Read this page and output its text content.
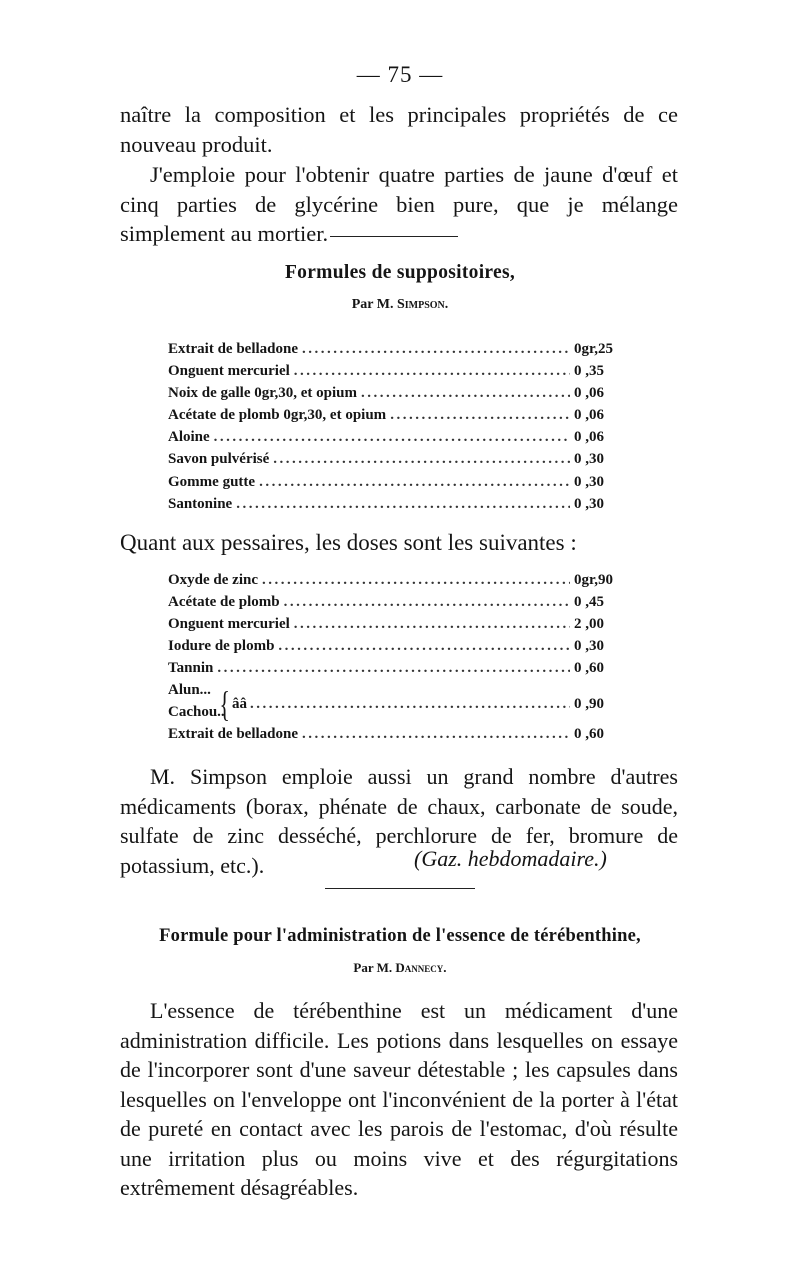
— 75 —

naître la composition et les principales propriétés de ce nouveau produit.

J'emploie pour l'obtenir quatre parties de jaune d'œuf et cinq parties de glycérine bien pure, que je mélange simplement au mortier.

Formules de suppositoires,

Par M. Simpson.
Extrait de belladone .....	0gr,25
Onguent mercuriel .....	0 ,35
Noix de galle 0gr,30, et opium .....	0 ,06
Acétate de plomb 0gr,30, et opium .....	0 ,06
Aloine .....	0 ,06
Savon pulvérisé .....	0 ,30
Gomme gutte .....	0 ,30
Santonine .....	0 ,30

Quant aux pessaires, les doses sont les suivantes :

Oxyde de zinc .....	0gr,90
Acétate de plomb .....	0 ,45
Onguent mercuriel .....	2 ,00
Iodure de plomb .....	0 ,30
Tannin .....	0 ,60
Alun...
Cachou..
{ ââ .....	0 ,90
Extrait de belladone .....	0 ,60

M. Simpson emploie aussi un grand nombre d'autres médicaments (borax, phénate de chaux, carbonate de soude, sulfate de zinc desséché, perchlorure de fer, bromure de potassium, etc.).	(Gaz. hebdomadaire.)

Formule pour l'administration de l'essence de térébenthine,

Par M. Dannecy.

L'essence de térébenthine est un médicament d'une administration difficile. Les potions dans lesquelles on essaye de l'incorporer sont d'une saveur détestable ; les capsules dans lesquelles on l'enveloppe ont l'inconvénient de la porter à l'état de pureté en contact avec les parois de l'estomac, d'où résulte une irritation plus ou moins vive et des régurgitations extrêmement désagréables.
